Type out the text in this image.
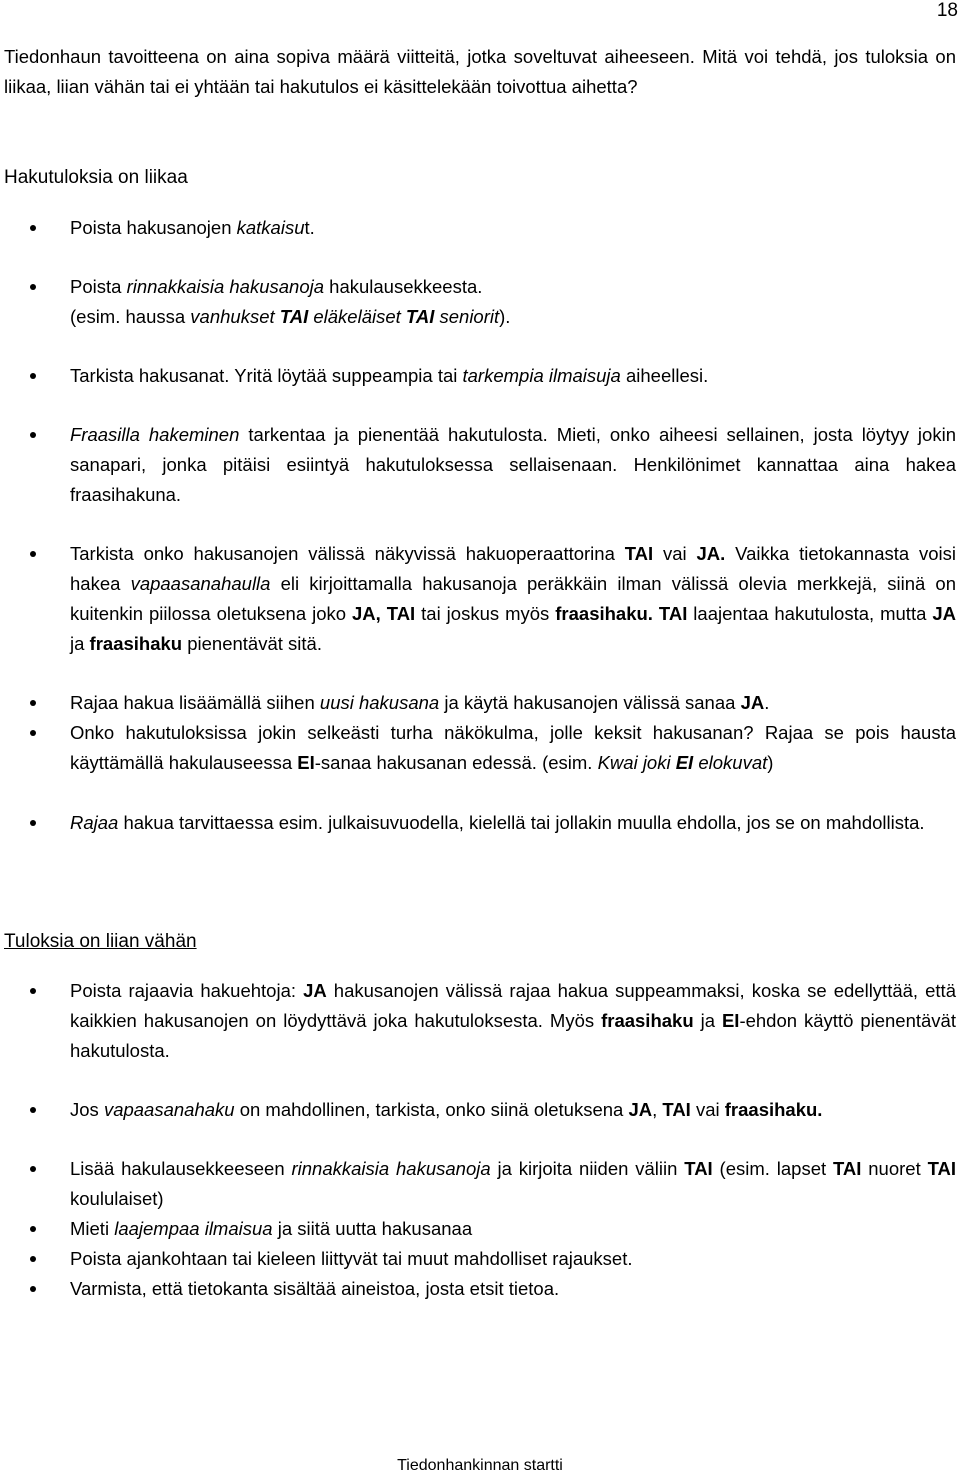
18
Tiedonhaun tavoitteena on aina sopiva määrä viitteitä, jotka soveltuvat aiheeseen. Mitä voi tehdä, jos tuloksia on liikaa, liian vähän tai ei yhtään tai hakutulos ei käsittelekään toivottua aihetta?
Hakutuloksia on liikaa
Poista hakusanojen katkaisut.
Poista rinnakkaisia hakusanoja hakulausekkeesta.
(esim. haussa vanhukset TAI eläkeläiset TAI seniorit).
Tarkista hakusanat. Yritä löytää suppeampia tai tarkempia ilmaisuja aiheellesi.
Fraasilla hakeminen tarkentaa ja pienentää hakutulosta. Mieti, onko aiheesi sellainen, josta löytyy jokin sanapari, jonka pitäisi esiintyä hakutuloksessa sellaisenaan. Henkilönimet kannattaa aina hakea fraasihakuna.
Tarkista onko hakusanojen välissä näkyvissä hakuoperaattorina TAI vai JA. Vaikka tietokannasta voisi hakea vapaasanahaulla eli kirjoittamalla hakusanoja peräkkäin ilman välissä olevia merkkejä, siinä on kuitenkin piilossa oletuksena joko JA, TAI tai joskus myös fraasihaku. TAI laajentaa hakutulosta, mutta JA ja fraasihaku pienentävät sitä.
Rajaa hakua lisäämällä siihen uusi hakusana ja käytä hakusanojen välissä sanaa JA.
Onko hakutuloksissa jokin selkeästi turha näkökulma, jolle keksit hakusanan? Rajaa se pois hausta käyttämällä hakulauseessa EI-sanaa hakusanan edessä. (esim. Kwai joki EI elokuvat)
Rajaa hakua tarvittaessa esim. julkaisuvuodella, kielellä tai jollakin muulla ehdolla, jos se on mahdollista.
Tuloksia on liian vähän
Poista rajaavia hakuehtoja: JA hakusanojen välissä rajaa hakua suppeammaksi, koska se edellyttää, että kaikkien hakusanojen on löydyttävä joka hakutuloksesta. Myös fraasihaku ja EI-ehdon käyttö pienentävät hakutulosta.
Jos vapaasanahaku on mahdollinen, tarkista, onko siinä oletuksena JA, TAI vai fraasihaku.
Lisää hakulausekkeeseen rinnakkaisia hakusanoja ja kirjoita niiden väliin TAI (esim. lapset TAI nuoret TAI koululaiset)
Mieti laajempaa ilmaisua ja siitä uutta hakusanaa
Poista ajankohtaan tai kieleen liittyvät tai muut mahdolliset rajaukset.
Varmista, että tietokanta sisältää aineistoa, josta etsit tietoa.
Tiedonhankinnan startti
